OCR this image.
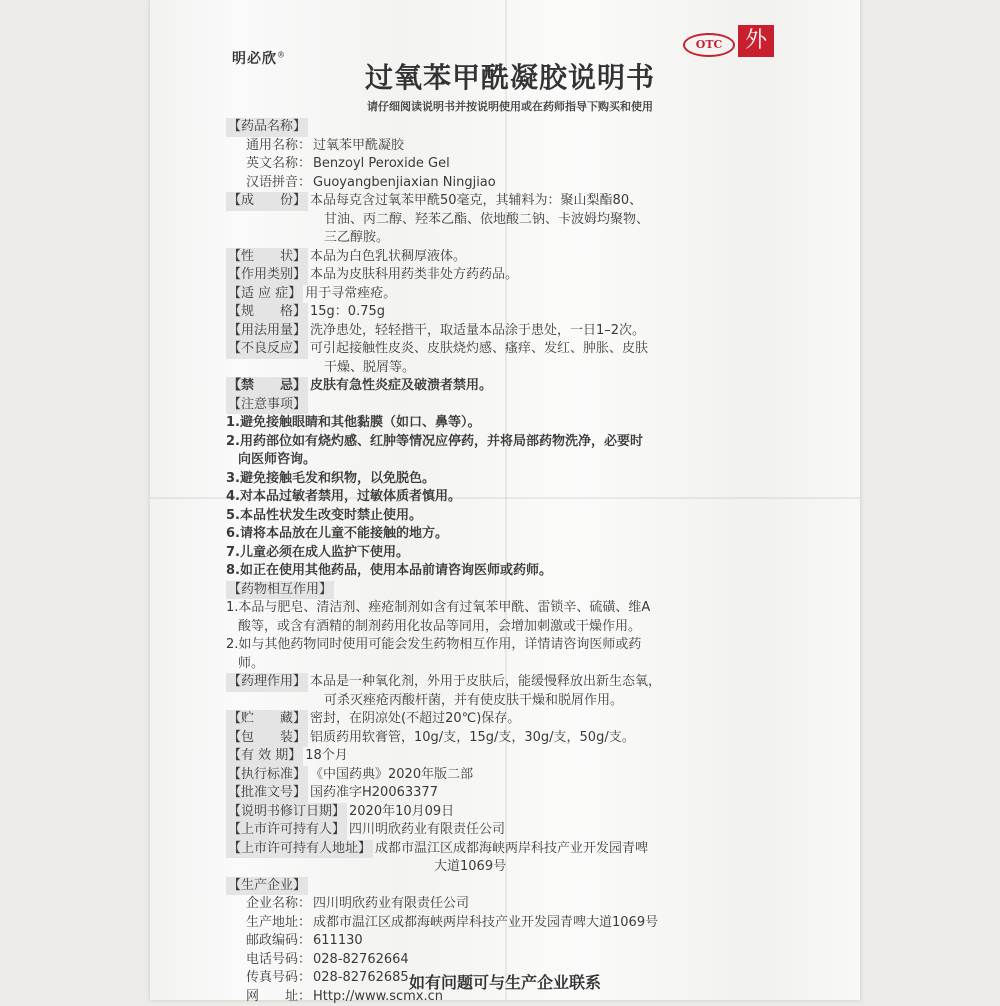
明必欣®
OTC	外
过氧苯甲酰凝胶说明书
请仔细阅读说明书并按说明使用或在药师指导下购买和使用
【药品名称】
通用名称： 过氧苯甲酰凝胶
英文名称： Benzoyl Peroxide Gel
汉语拼音： Guoyangbenjiaxian Ningjiao
【成　　份】 本品每克含过氧苯甲酰50毫克，其辅料为：聚山梨酯80、
甘油、丙二醇、羟苯乙酯、依地酸二钠、卡波姆均聚物、
三乙醇胺。
【性　　状】 本品为白色乳状稠厚液体。
【作用类别】 本品为皮肤科用药类非处方药药品。
【适 应 症】 用于寻常痤疮。
【规　　格】 15g：0.75g
【用法用量】 洗净患处，轻轻揩干，取适量本品涂于患处，一日1–2次。
【不良反应】 可引起接触性皮炎、皮肤烧灼感、瘙痒、发红、肿胀、皮肤
干燥、脱屑等。
【禁　　忌】 皮肤有急性炎症及破溃者禁用。
【注意事项】
1.避免接触眼睛和其他黏膜（如口、鼻等）。
2.用药部位如有烧灼感、红肿等情况应停药，并将局部药物洗净，必要时
向医师咨询。
3.避免接触毛发和织物，以免脱色。
4.对本品过敏者禁用，过敏体质者慎用。
5.本品性状发生改变时禁止使用。
6.请将本品放在儿童不能接触的地方。
7.儿童必须在成人监护下使用。
8.如正在使用其他药品，使用本品前请咨询医师或药师。
【药物相互作用】
1.本品与肥皂、清洁剂、痤疮制剂如含有过氧苯甲酰、雷锁辛、硫磺、维A
酸等，或含有酒精的制剂药用化妆品等同用，会增加刺激或干燥作用。
2.如与其他药物同时使用可能会发生药物相互作用，详情请咨询医师或药
师。
【药理作用】 本品是一种氧化剂，外用于皮肤后，能缓慢释放出新生态氧，
可杀灭痤疮丙酸杆菌，并有使皮肤干燥和脱屑作用。
【贮　　藏】 密封，在阴凉处(不超过20℃)保存。
【包　　装】 铝质药用软膏管，10g/支，15g/支，30g/支，50g/支。
【有 效 期】 18个月
【执行标准】 《中国药典》2020年版二部
【批准文号】 国药准字H20063377
【说明书修订日期】 2020年10月09日
【上市许可持有人】 四川明欣药业有限责任公司
【上市许可持有人地址】 成都市温江区成都海峡两岸科技产业开发园青啤
大道1069号
【生产企业】
企业名称： 四川明欣药业有限责任公司
生产地址： 成都市温江区成都海峡两岸科技产业开发园青啤大道1069号
邮政编码： 611130
电话号码： 028-82762664
传真号码： 028-82762685
网　　址： Http://www.scmx.cn
如有问题可与生产企业联系
